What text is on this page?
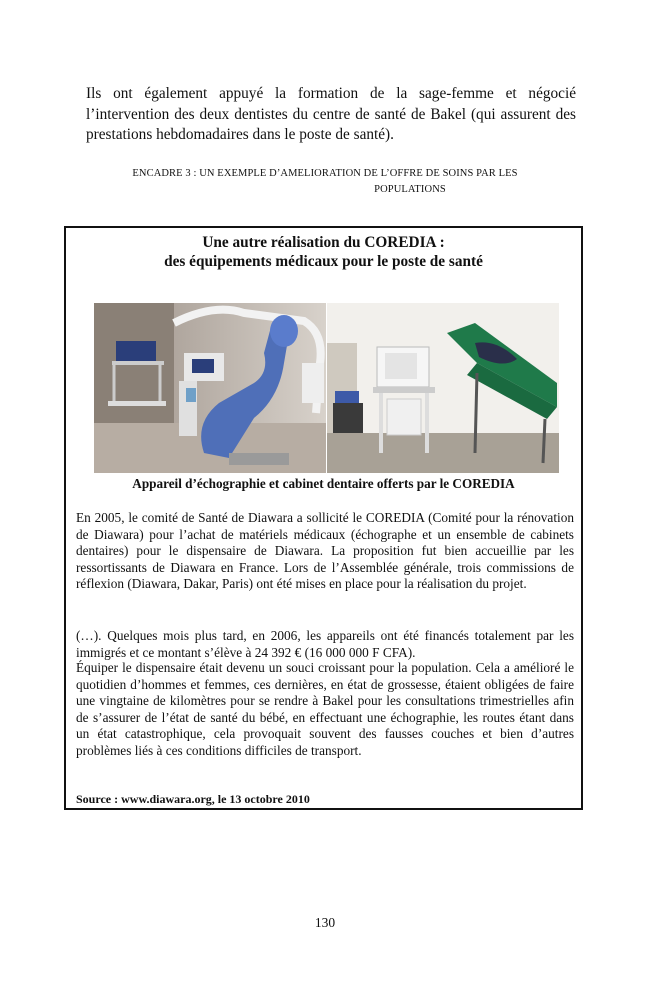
Ils ont également appuyé la formation de la sage-femme et négocié l’intervention des deux dentistes du centre de santé de Bakel (qui assurent des prestations hebdomadaires dans le poste de santé).

ENCADRE 3 : UN EXEMPLE D’AMELIORATION DE L’OFFRE DE SOINS PAR LES
POPULATIONS
Une autre réalisation du COREDIA :
des équipements médicaux pour le poste de santé
Appareil d’échographie et cabinet dentaire offerts par le COREDIA

En 2005, le comité de Santé de Diawara a sollicité le COREDIA (Comité pour la rénovation de Diawara) pour l’achat de matériels médicaux (échographe et un ensemble de cabinets dentaires) pour le dispensaire de Diawara. La proposition fut bien accueillie par les ressortissants de Diawara en France. Lors de l’Assemblée générale, trois commissions de réflexion (Diawara, Dakar, Paris) ont été mises en place pour la réalisation du projet.

(…). Quelques mois plus tard, en 2006, les appareils ont été financés totalement par les immigrés et ce montant s’élève à 24 392 € (16 000 000 F CFA).

Équiper le dispensaire était devenu un souci croissant pour la population. Cela a amélioré le quotidien d’hommes et femmes, ces dernières, en état de grossesse, étaient obligées de faire une vingtaine de kilomètres pour se rendre à Bakel pour les consultations trimestrielles afin de s’assurer de l’état de santé du bébé, en effectuant une échographie, les routes étant dans un état catastrophique, cela provoquait souvent des fausses couches et bien d’autres problèmes liés à ces conditions difficiles de transport.

Source : www.diawara.org, le 13 octobre 2010

130
